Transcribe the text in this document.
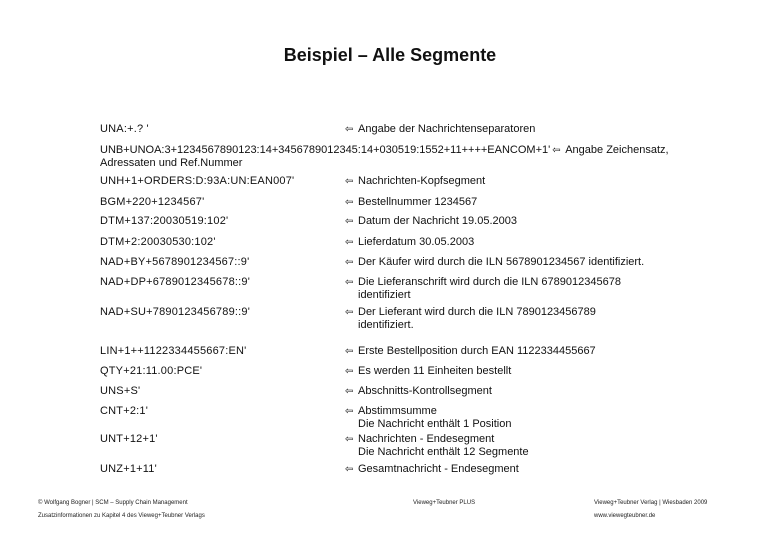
Beispiel – Alle Segmente
UNA:+.? '	⇦ Angabe der Nachrichtenseparatoren
UNB+UNOA:3+1234567890123:14+3456789012345:14+030519:1552+11++++EANCOM+1' ⇦ Angabe Zeichensatz, Adressaten und Ref.Nummer
UNH+1+ORDERS:D:93A:UN:EAN007'	⇦ Nachrichten-Kopfsegment
BGM+220+1234567'	⇦ Bestellnummer 1234567
DTM+137:20030519:102'	⇦ Datum der Nachricht 19.05.2003
DTM+2:20030530:102'	⇦ Lieferdatum 30.05.2003
NAD+BY+5678901234567::9'	⇦ Der Käufer wird durch die ILN 5678901234567 identifiziert.
NAD+DP+6789012345678::9'	⇦ Die Lieferanschrift wird durch die ILN 6789012345678
identifiziert
NAD+SU+7890123456789::9'	⇦ Der Lieferant wird durch die ILN 7890123456789
identifiziert.
LIN+1++1122334455667:EN'	⇦ Erste Bestellposition durch EAN 1122334455667
QTY+21:11.00:PCE'	⇦ Es werden 11 Einheiten bestellt
UNS+S'	⇦ Abschnitts-Kontrollsegment
CNT+2:1'	⇦ Abstimmsumme
Die Nachricht enthält 1 Position
UNT+12+1'	⇦ Nachrichten - Endesegment
Die Nachricht enthält 12 Segmente
UNZ+1+11'	⇦ Gesamtnachricht - Endesegment
© Wolfgang Bogner | SCM – Supply Chain Management
Zusatzinformationen zu Kapitel 4 des Vieweg+Teubner Verlags
Vieweg+Teubner PLUS	Vieweg+Teubner Verlag | Wiesbaden 2009
www.viewegteubner.de
